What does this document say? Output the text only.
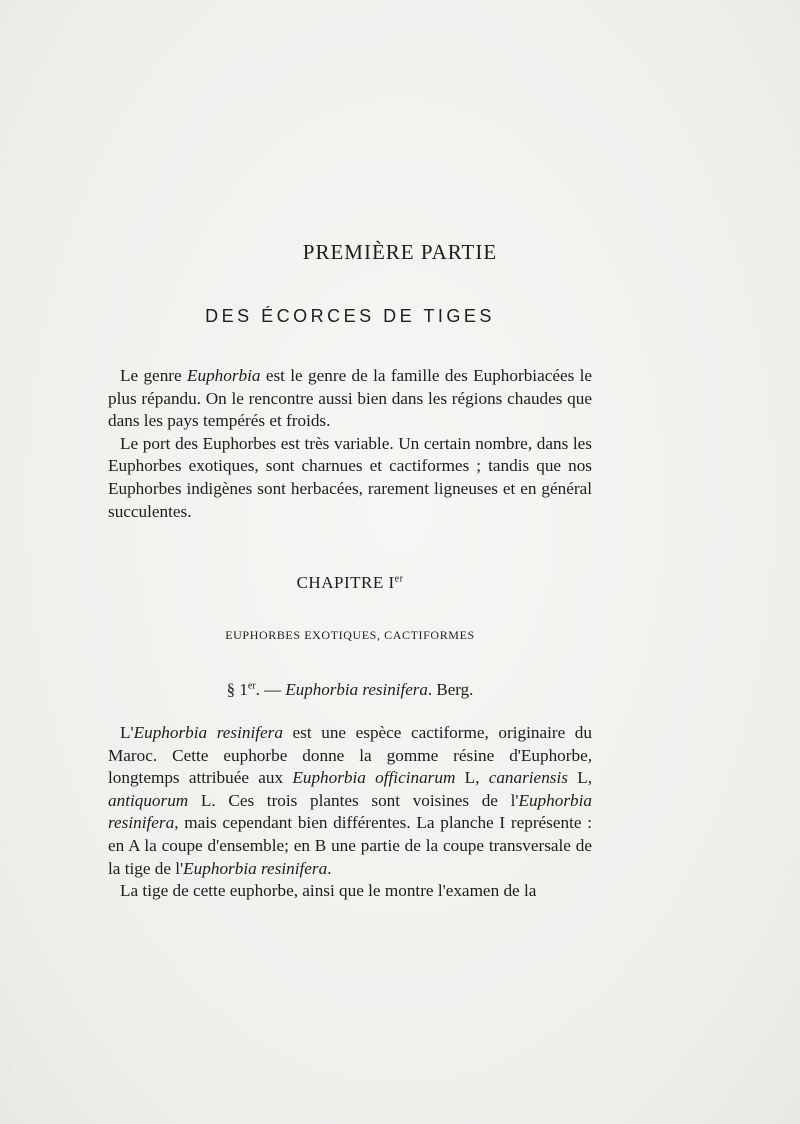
PREMIÈRE PARTIE
DES ÉCORCES DE TIGES

Le genre Euphorbia est le genre de la famille des Euphorbiacées le plus répandu. On le rencontre aussi bien dans les régions chaudes que dans les pays tempérés et froids.

Le port des Euphorbes est très variable. Un certain nombre, dans les Euphorbes exotiques, sont charnues et cactiformes ; tandis que nos Euphorbes indigènes sont herbacées, rarement ligneuses et en général succulentes.

CHAPITRE Ier
EUPHORBES EXOTIQUES, CACTIFORMES
§ 1er. — Euphorbia resinifera. Berg.

L'Euphorbia resinifera est une espèce cactiforme, originaire du Maroc. Cette euphorbe donne la gomme résine d'Euphorbe, longtemps attribuée aux Euphorbia officinarum L, canariensis L, antiquorum L. Ces trois plantes sont voisines de l'Euphorbia resinifera, mais cependant bien différentes. La planche I représente : en A la coupe d'ensemble; en B une partie de la coupe transversale de la tige de l'Euphorbia resinifera.

La tige de cette euphorbe, ainsi que le montre l'examen de la
